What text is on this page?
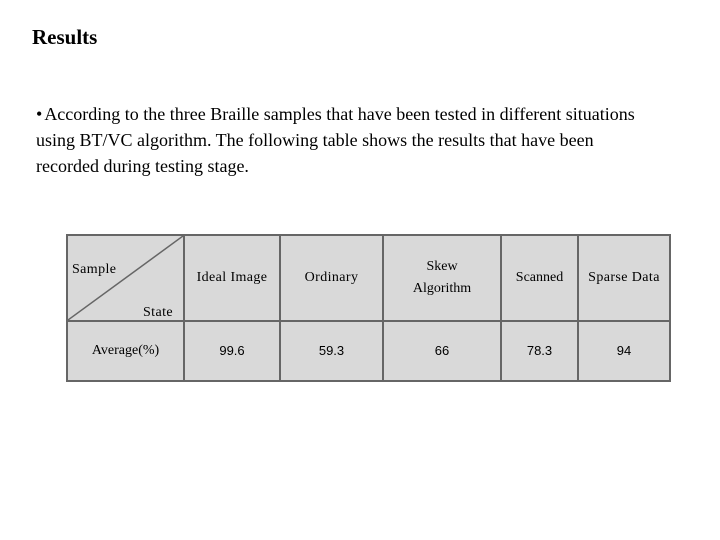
Results
• According to the three Braille samples that have been tested in different situations using BT/VC algorithm. The following table shows the results that have been recorded during testing stage.
Sample
State	Ideal Image	Ordinary	Skew Algorithm	Scanned	Sparse Data
Average(%)	99.6	59.3	66	78.3	94
